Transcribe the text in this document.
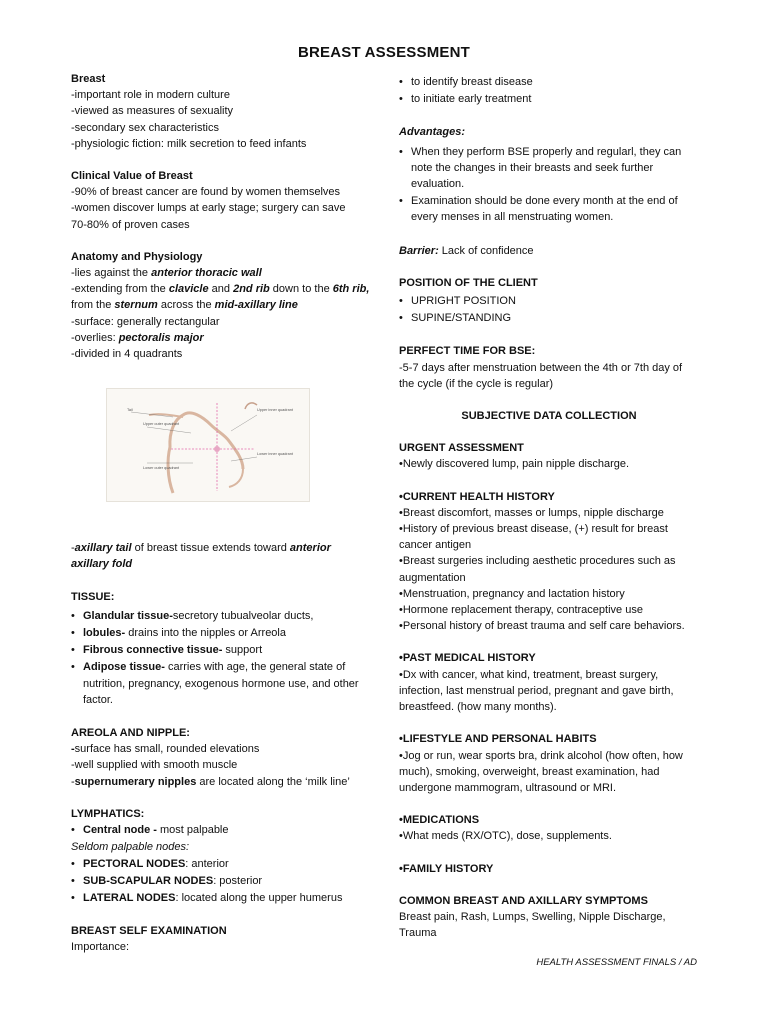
BREAST ASSESSMENT

Breast

-important role in modern culture

-viewed as measures of sexuality

-secondary sex characteristics

-physiologic fiction: milk secretion to feed infants

Clinical Value of Breast

-90% of breast cancer are found by women themselves

-women discover lumps at early stage; surgery can save

70-80% of proven cases

Anatomy and Physiology

-lies against the anterior thoracic wall

-extending from the clavicle and 2nd rib down to the 6th rib, from the sternum across the mid-axillary line

-surface: generally rectangular

-overlies: pectoralis major

-divided in 4 quadrants

Tail
Upper outer quadrant
Upper inner quadrant
Lower outer quadrant
Lower inner quadrant

-axillary tail of breast tissue extends toward anterior axillary fold

TISSUE:

• Glandular tissue-secretory tubualveolar ducts,
• lobules- drains into the nipples or Arreola
• Fibrous connective tissue- support
• Adipose tissue- carries with age, the general state of nutrition, pregnancy, exogenous hormone use, and other factor.

AREOLA AND NIPPLE:

-surface has small, rounded elevations

-well supplied with smooth muscle

-supernumerary nipples are located along the ‘milk line’

LYMPHATICS:

• Central node - most palpable

Seldom palpable nodes:

• PECTORAL NODES: anterior
• SUB-SCAPULAR NODES: posterior
• LATERAL NODES: located along the upper humerus

BREAST SELF EXAMINATION

Importance:

• to identify breast disease
• to initiate early treatment

Advantages:

• When they perform BSE properly and regularl, they can note the changes in their breasts and seek further evaluation.
• Examination should be done every month at the end of every menses in all menstruating women.

Barrier: Lack of confidence

POSITION OF THE CLIENT

• UPRIGHT POSITION
• SUPINE/STANDING

PERFECT TIME FOR BSE:

-5-7 days after menstruation between the 4th or 7th day of the cycle (if the cycle is regular)

SUBJECTIVE DATA COLLECTION

URGENT ASSESSMENT

•Newly discovered lump, pain nipple discharge.

•CURRENT HEALTH HISTORY

•Breast discomfort, masses or lumps, nipple discharge

•History of previous breast disease, (+) result for breast cancer antigen

•Breast surgeries including aesthetic procedures such as augmentation

•Menstruation, pregnancy and lactation history

•Hormone replacement therapy, contraceptive use

•Personal history of breast trauma and self care behaviors.

•PAST MEDICAL HISTORY

•Dx with cancer, what kind, treatment, breast surgery, infection, last menstrual period, pregnant and gave birth, breastfeed. (how many months).

•LIFESTYLE AND PERSONAL HABITS

•Jog or run, wear sports bra, drink alcohol (how often, how much), smoking, overweight, breast examination, had undergone mammogram, ultrasound or MRI.

•MEDICATIONS

•What meds (RX/OTC), dose, supplements.

•FAMILY HISTORY

COMMON BREAST AND AXILLARY SYMPTOMS

Breast pain, Rash, Lumps, Swelling, Nipple Discharge, Trauma

HEALTH ASSESSMENT FINALS / AD
